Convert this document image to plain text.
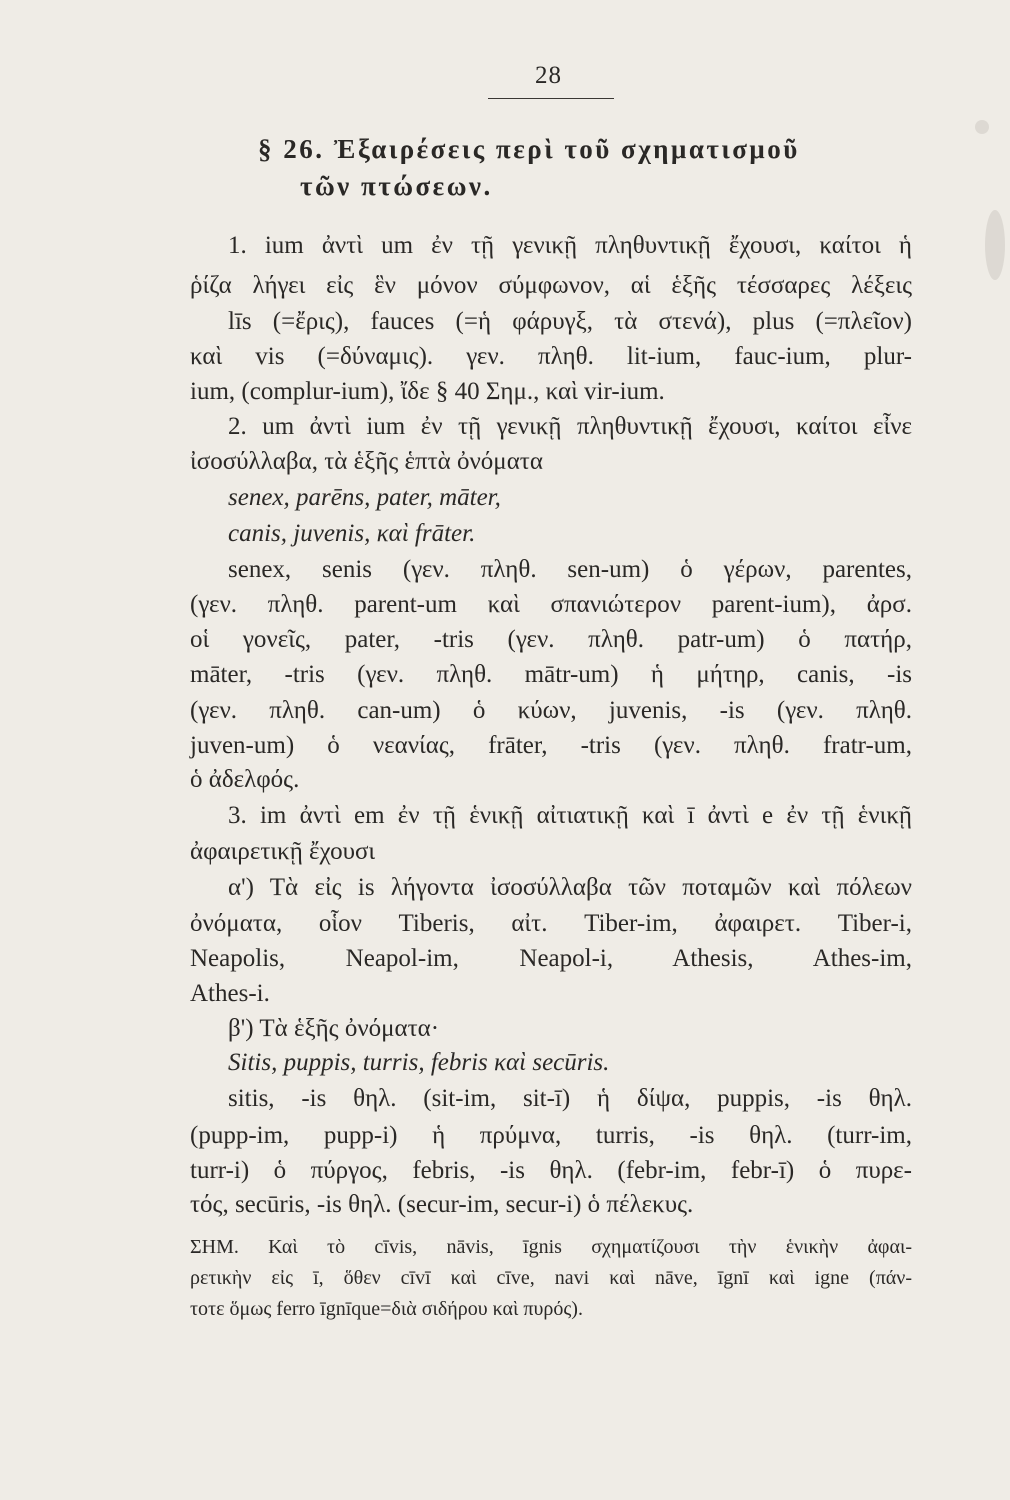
28
§ 26. Ἐξαιρέσεις περὶ τοῦ σχηματισμοῦ
τῶν πτώσεων.
1. ium ἀντὶ um ἐν τῇ γενικῇ πληθυντικῇ ἔχουσι, καίτοι ἡ
ῥίζα λήγει εἰς ἓν μόνον σύμφωνον, αἱ ἑξῆς τέσσαρες λέξεις
līs (=ἔρις), fauces (=ἡ φάρυγξ, τὰ στενά), plus (=πλεῖον)
καὶ vis (=δύναμις). γεν. πληθ. lit-ium, fauc-ium, plur-
ium, (complur-ium), ἴδε § 40 Σημ., καὶ vir-ium.
2. um ἀντὶ ium ἐν τῇ γενικῇ πληθυντικῇ ἔχουσι, καίτοι εἶνε
ἰσοσύλλαβα, τὰ ἑξῆς ἑπτὰ ὀνόματα
senex, parēns, pater, māter,
canis, juvenis, καὶ frāter.
senex, senis (γεν. πληθ. sen-um) ὁ γέρων, parentes,
(γεν. πληθ. parent-um καὶ σπανιώτερον parent-ium), ἀρσ.
οἱ γονεῖς, pater, -tris (γεν. πληθ. patr-um) ὁ πατήρ,
māter, -tris (γεν. πληθ. mātr-um) ἡ μήτηρ, canis, -is
(γεν. πληθ. can-um) ὁ κύων, juvenis, -is (γεν. πληθ.
juven-um) ὁ νεανίας, frāter, -tris (γεν. πληθ. fratr-um,
ὁ ἀδελφός.
3. im ἀντὶ em ἐν τῇ ἑνικῇ αἰτιατικῇ καὶ ī ἀντὶ e ἐν τῇ ἑνικῇ
ἀφαιρετικῇ ἔχουσι
α') Τὰ εἰς is λήγοντα ἰσοσύλλαβα τῶν ποταμῶν καὶ πόλεων
ὀνόματα, οἷον Tiberis, αἰτ. Tiber-im, ἀφαιρετ. Tiber-i,
Neapolis, Neapol-im, Neapol-i, Athesis, Athes-im,
Athes-i.
β') Τὰ ἑξῆς ὀνόματα·
Sitis, puppis, turris, febris καὶ secūris.
sitis, -is θηλ. (sit-im, sit-ī) ἡ δίψα, puppis, -is θηλ.
(pupp-im, pupp-i) ἡ πρύμνα, turris, -is θηλ. (turr-im,
turr-i) ὁ πύργος, febris, -is θηλ. (febr-im, febr-ī) ὁ πυρε-
τός, secūris, -is θηλ. (secur-im, secur-i) ὁ πέλεκυς.
ΣΗΜ. Καὶ τὸ cīvis, nāvis, īgnis σχηματίζουσι τὴν ἑνικὴν ἀφαι-
ρετικὴν εἰς ī, ὅθεν cīvī καὶ cīve, navi καὶ nāve, īgnī καὶ igne (πάν-
τοτε ὅμως ferro īgnīque=διὰ σιδήρου καὶ πυρός).
